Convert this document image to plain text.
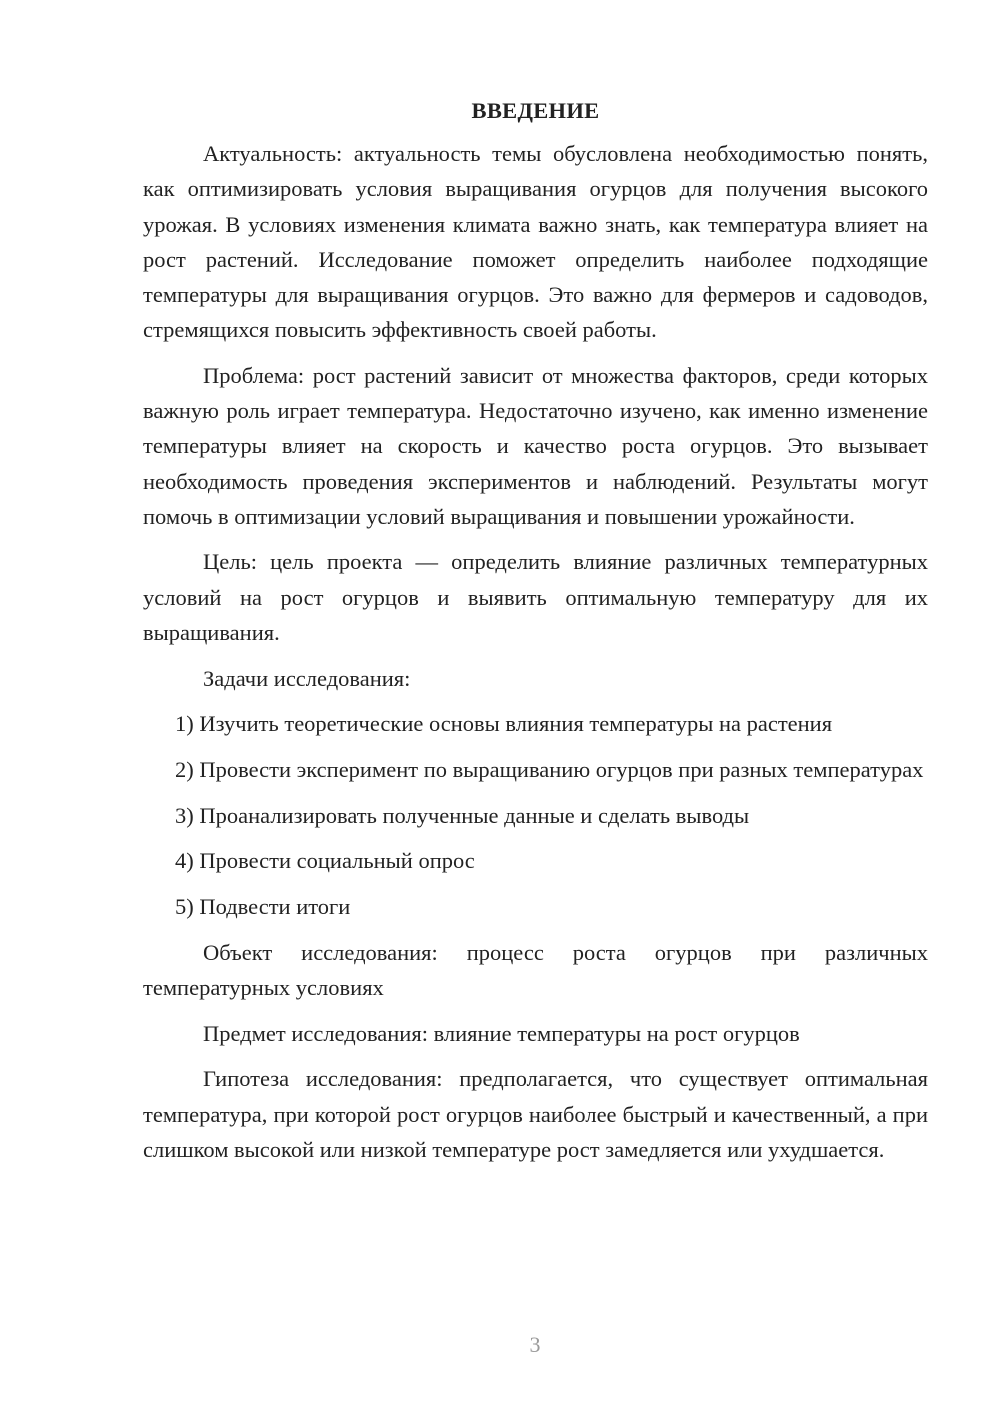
ВВЕДЕНИЕ
Актуальность: актуальность темы обусловлена необходимостью понять, как оптимизировать условия выращивания огурцов для получения высокого урожая. В условиях изменения климата важно знать, как температура влияет на рост растений. Исследование поможет определить наиболее подходящие температуры для выращивания огурцов. Это важно для фермеров и садоводов, стремящихся повысить эффективность своей работы.
Проблема: рост растений зависит от множества факторов, среди которых важную роль играет температура. Недостаточно изучено, как именно изменение температуры влияет на скорость и качество роста огурцов. Это вызывает необходимость проведения экспериментов и наблюдений. Результаты могут помочь в оптимизации условий выращивания и повышении урожайности.
Цель: цель проекта — определить влияние различных температурных условий на рост огурцов и выявить оптимальную температуру для их выращивания.
Задачи исследования:
1) Изучить теоретические основы влияния температуры на растения
2) Провести эксперимент по выращиванию огурцов при разных температурах
3) Проанализировать полученные данные и сделать выводы
4) Провести социальный опрос
5) Подвести итоги
Объект исследования: процесс роста огурцов при различных температурных условиях
Предмет исследования: влияние температуры на рост огурцов
Гипотеза исследования: предполагается, что существует оптимальная температура, при которой рост огурцов наиболее быстрый и качественный, а при слишком высокой или низкой температуре рост замедляется или ухудшается.
3
